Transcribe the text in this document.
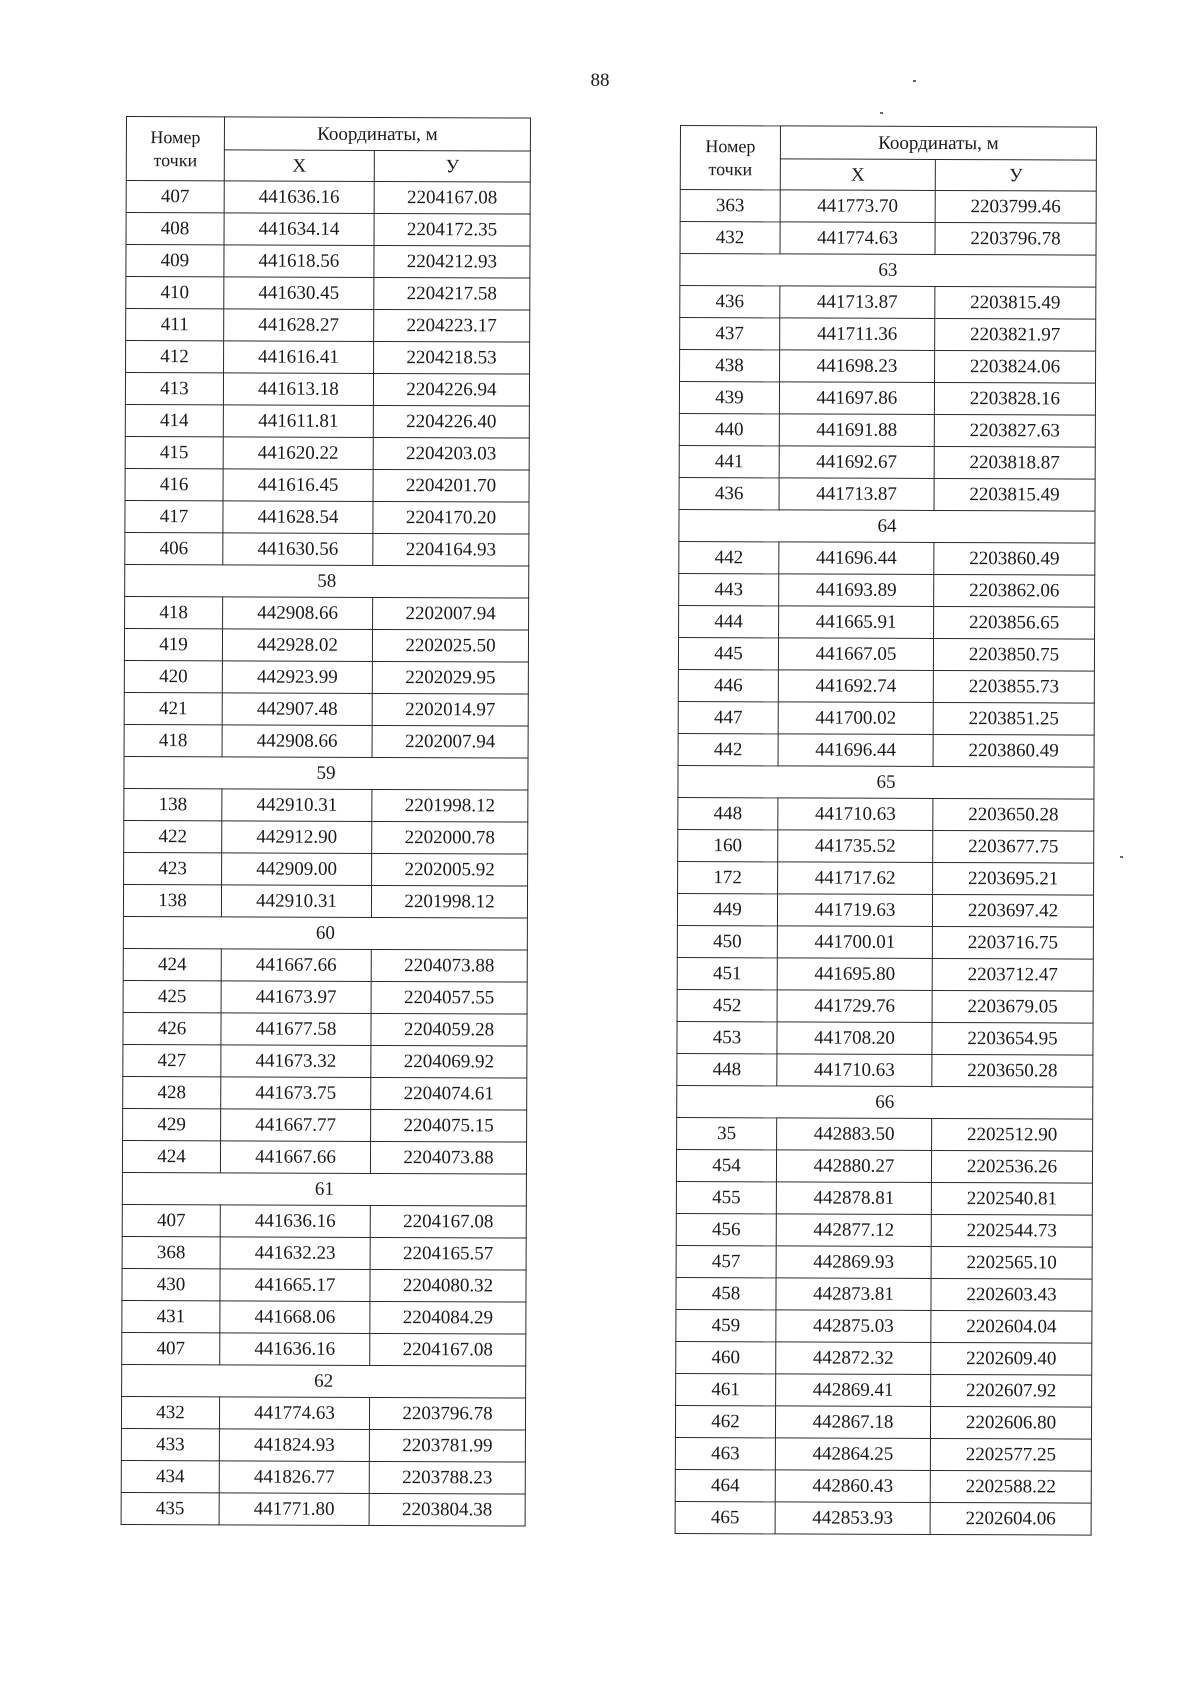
88
Номер
точки	Координаты, м	
	Х	У
407	441636.16	2204167.08
408	441634.14	2204172.35
409	441618.56	2204212.93
410	441630.45	2204217.58
411	441628.27	2204223.17
412	441616.41	2204218.53
413	441613.18	2204226.94
414	441611.81	2204226.40
415	441620.22	2204203.03
416	441616.45	2204201.70
417	441628.54	2204170.20
406	441630.56	2204164.93
58		
418	442908.66	2202007.94
419	442928.02	2202025.50
420	442923.99	2202029.95
421	442907.48	2202014.97
418	442908.66	2202007.94
59		
138	442910.31	2201998.12
422	442912.90	2202000.78
423	442909.00	2202005.92
138	442910.31	2201998.12
60		
424	441667.66	2204073.88
425	441673.97	2204057.55
426	441677.58	2204059.28
427	441673.32	2204069.92
428	441673.75	2204074.61
429	441667.77	2204075.15
424	441667.66	2204073.88
61		
407	441636.16	2204167.08
368	441632.23	2204165.57
430	441665.17	2204080.32
431	441668.06	2204084.29
407	441636.16	2204167.08
62		
432	441774.63	2203796.78
433	441824.93	2203781.99
434	441826.77	2203788.23
435	441771.80	2203804.38
Номер
точки	Координаты, м	
	Х	У
363	441773.70	2203799.46
432	441774.63	2203796.78
63		
436	441713.87	2203815.49
437	441711.36	2203821.97
438	441698.23	2203824.06
439	441697.86	2203828.16
440	441691.88	2203827.63
441	441692.67	2203818.87
436	441713.87	2203815.49
64		
442	441696.44	2203860.49
443	441693.89	2203862.06
444	441665.91	2203856.65
445	441667.05	2203850.75
446	441692.74	2203855.73
447	441700.02	2203851.25
442	441696.44	2203860.49
65		
448	441710.63	2203650.28
160	441735.52	2203677.75
172	441717.62	2203695.21
449	441719.63	2203697.42
450	441700.01	2203716.75
451	441695.80	2203712.47
452	441729.76	2203679.05
453	441708.20	2203654.95
448	441710.63	2203650.28
66		
35	442883.50	2202512.90
454	442880.27	2202536.26
455	442878.81	2202540.81
456	442877.12	2202544.73
457	442869.93	2202565.10
458	442873.81	2202603.43
459	442875.03	2202604.04
460	442872.32	2202609.40
461	442869.41	2202607.92
462	442867.18	2202606.80
463	442864.25	2202577.25
464	442860.43	2202588.22
465	442853.93	2202604.06
